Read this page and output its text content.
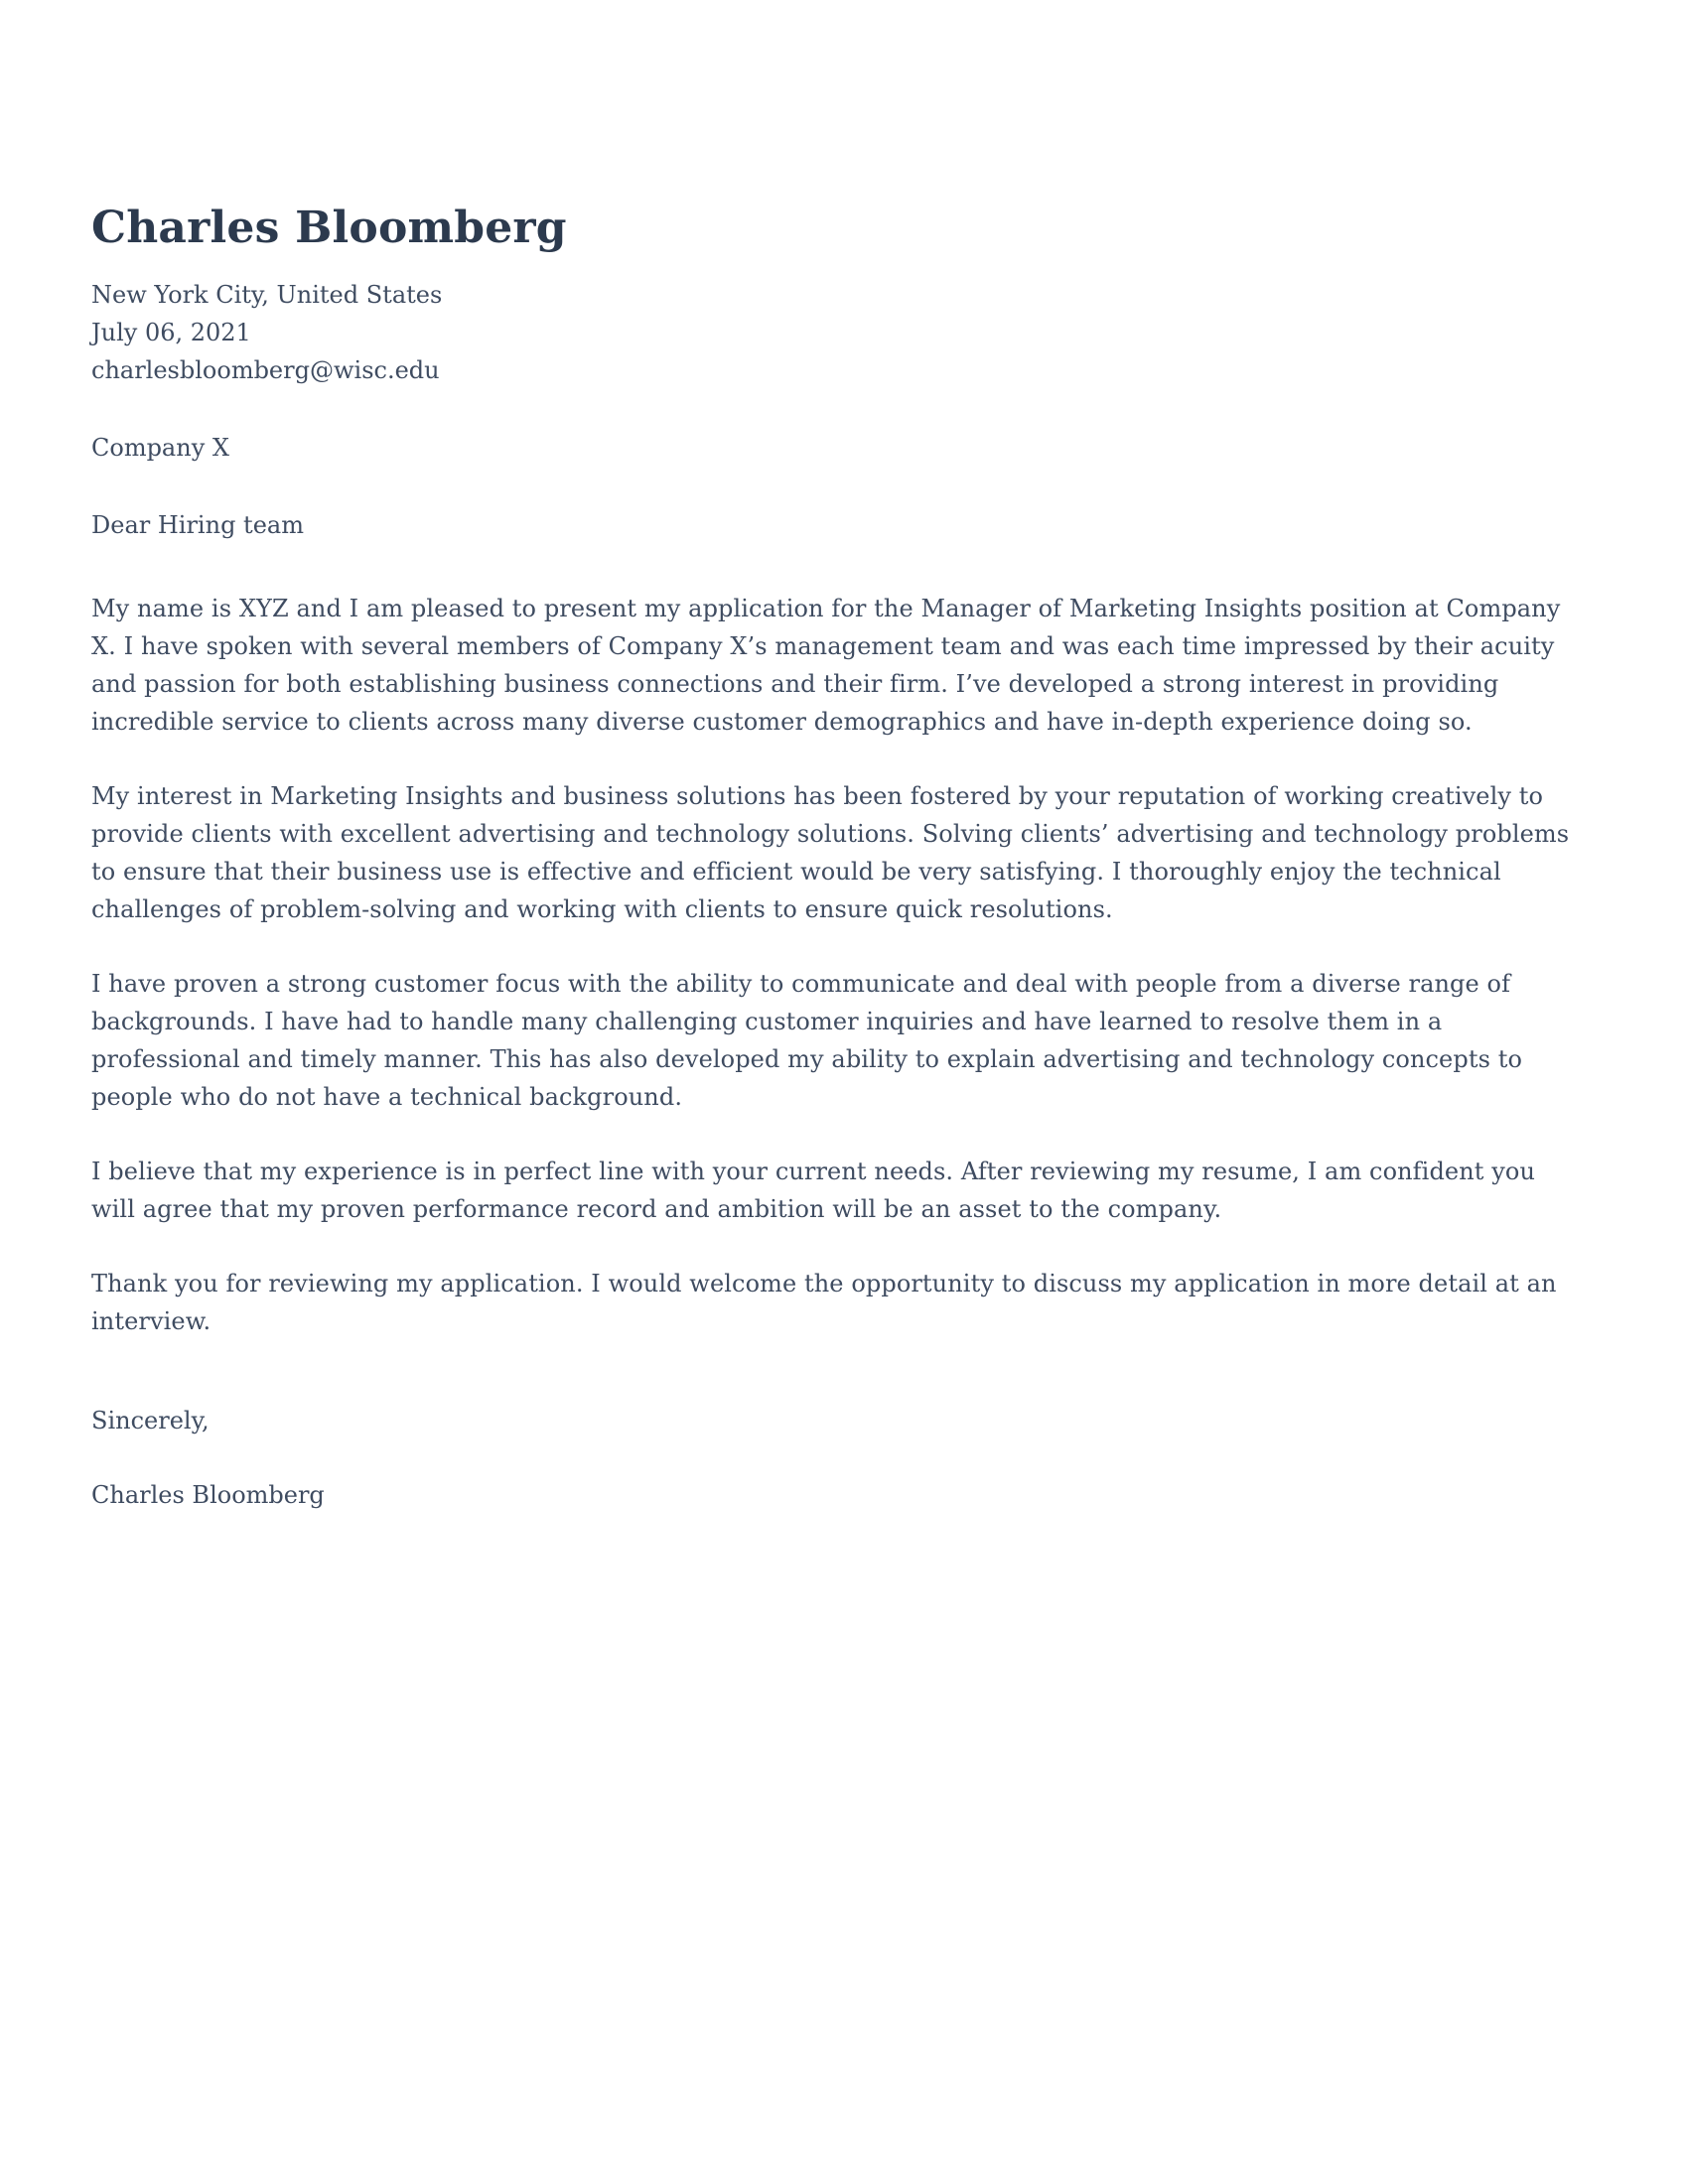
Charles Bloomberg
New York City, United States
July 06, 2021
charlesbloomberg@wisc.edu
Company X
Dear Hiring team

My name is XYZ and I am pleased to present my application for the Manager of Marketing Insights position at Company X. I have spoken with several members of Company X’s management team and was each time impressed by their acuity and passion for both establishing business connections and their firm. I’ve developed a strong interest in providing incredible service to clients across many diverse customer demographics and have in-depth experience doing so.

My interest in Marketing Insights and business solutions has been fostered by your reputation of working creatively to provide clients with excellent advertising and technology solutions. Solving clients’ advertising and technology problems to ensure that their business use is effective and efficient would be very satisfying. I thoroughly enjoy the technical challenges of problem-solving and working with clients to ensure quick resolutions.

I have proven a strong customer focus with the ability to communicate and deal with people from a diverse range of backgrounds. I have had to handle many challenging customer inquiries and have learned to resolve them in a professional and timely manner. This has also developed my ability to explain advertising and technology concepts to people who do not have a technical background.

I believe that my experience is in perfect line with your current needs. After reviewing my resume, I am confident you will agree that my proven performance record and ambition will be an asset to the company.

Thank you for reviewing my application. I would welcome the opportunity to discuss my application in more detail at an interview.

Sincerely,
Charles Bloomberg
